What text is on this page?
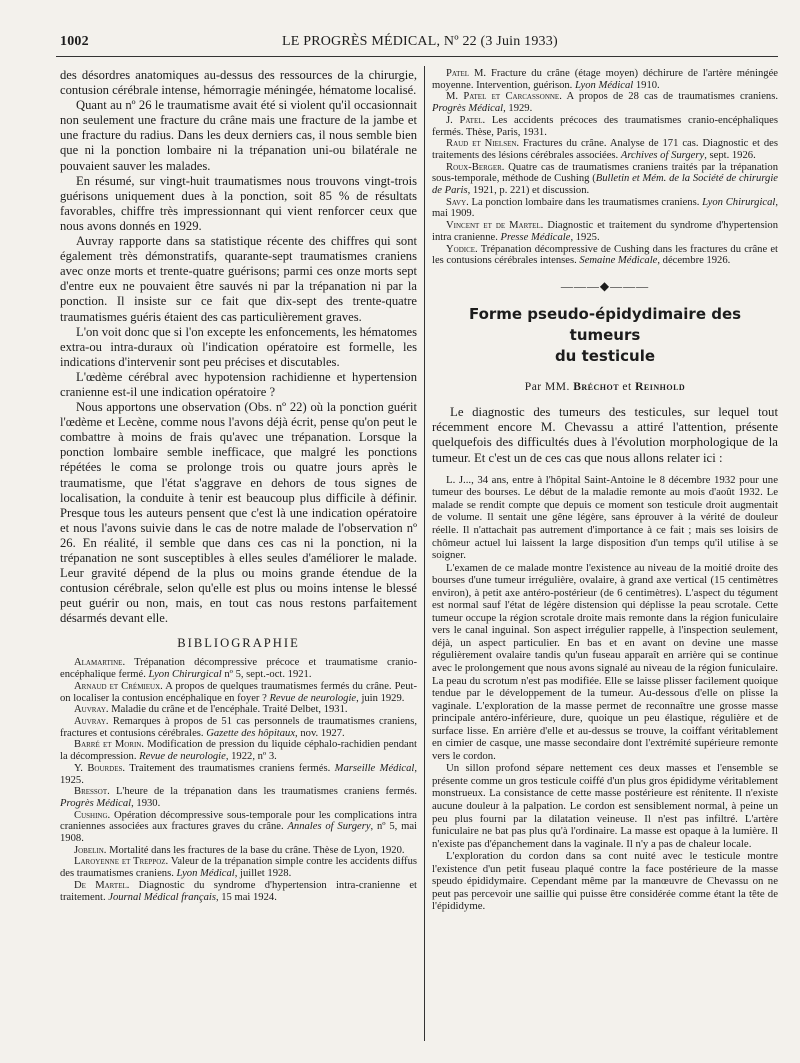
1002	LE PROGRÈS MÉDICAL, Nº 22 (3 Juin 1933)

des désordres anatomiques au-dessus des ressources de la chirurgie, contusion cérébrale intense, hémorragie méningée, hématome localisé.

Quant au nº 26 le traumatisme avait été si violent qu'il occasionnait non seulement une fracture du crâne mais une fracture de la jambe et une fracture du radius. Dans les deux derniers cas, il nous semble bien que ni la ponction lombaire ni la trépanation uni-ou bilatérale ne pouvaient sauver les malades.

En résumé, sur vingt-huit traumatismes nous trouvons vingt-trois guérisons uniquement dues à la ponction, soit 85 % de résultats favorables, chiffre très impressionnant qui vient renforcer ceux que nous avons donnés en 1929.

Auvray rapporte dans sa statistique récente des chiffres qui sont également très démonstratifs, quarante-sept traumatismes craniens avec onze morts et trente-quatre guérisons; parmi ces onze morts sept d'entre eux ne pouvaient être sauvés ni par la trépanation ni par la ponction. Il insiste sur ce fait que dix-sept des trente-quatre traumatismes guéris étaient des cas particulièrement graves.

L'on voit donc que si l'on excepte les enfoncements, les hématomes extra-ou intra-duraux où l'indication opératoire est formelle, les indications d'intervenir sont peu précises et discutables.

L'œdème cérébral avec hypotension rachidienne et hypertension cranienne est-il une indication opératoire ?

Nous apportons une observation (Obs. nº 22) où la ponction guérit l'œdème et Lecène, comme nous l'avons déjà écrit, pense qu'on peut le combattre à moins de frais qu'avec une trépanation. Lorsque la ponction lombaire semble inefficace, que malgré les ponctions répétées le coma se prolonge trois ou quatre jours après le traumatisme, que l'état s'aggrave en dehors de tous signes de localisation, la conduite à tenir est beaucoup plus difficile à définir. Presque tous les auteurs pensent que c'est là une indication opératoire et nous l'avons suivie dans le cas de notre malade de l'observation nº 26. En réalité, il semble que dans ces cas ni la ponction, ni la trépanation ne sont susceptibles à elles seules d'améliorer le malade. Leur gravité dépend de la plus ou moins grande étendue de la contusion cérébrale, selon qu'elle est plus ou moins intense le blessé peut guérir ou non, mais, en tout cas nous restons parfaitement désarmés devant elle.

BIBLIOGRAPHIE

Alamartine. Trépanation décompressive précoce et traumatisme cranio-encéphalique fermé. Lyon Chirurgical nº 5, sept.-oct. 1921.

Arnaud et Crémieux. A propos de quelques traumatismes fermés du crâne. Peut-on localiser la contusion encéphalique en foyer ? Revue de neurologie, juin 1929.

Auvray. Maladie du crâne et de l'encéphale. Traité Delbet, 1931.

Auvray. Remarques à propos de 51 cas personnels de traumatismes craniens, fractures et contusions cérébrales. Gazette des hôpitaux, nov. 1927.

Barré et Morin. Modification de pression du liquide céphalo-rachidien pendant la décompression. Revue de neurologie, 1922, nº 3.

Y. Bourdes. Traitement des traumatismes craniens fermés. Marseille Médical, 1925.

Bressot. L'heure de la trépanation dans les traumatismes craniens fermés. Progrès Médical, 1930.

Cushing. Opération décompressive sous-temporale pour les complications intra craniennes associées aux fractures graves du crâne. Annales of Surgery, nº 5, mai 1908.

Jobelin. Mortalité dans les fractures de la base du crâne. Thèse de Lyon, 1920.

Laroyenne et Treppoz. Valeur de la trépanation simple contre les accidents diffus des traumatismes craniens. Lyon Médical, juillet 1928.

De Martel. Diagnostic du syndrome d'hypertension intra-cranienne et traitement. Journal Médical français, 15 mai 1924.

Patel M. Fracture du crâne (étage moyen) déchirure de l'artère méningée moyenne. Intervention, guérison. Lyon Médical 1910.

M. Patel et Carcassonne. A propos de 28 cas de traumatismes craniens. Progrès Médical, 1929.

J. Patel. Les accidents précoces des traumatismes cranio-encéphaliques fermés. Thèse, Paris, 1931.

Raud et Nielsen. Fractures du crâne. Analyse de 171 cas. Diagnostic et des traitements des lésions cérébrales associées. Archives of Surgery, sept. 1926.

Roux-Berger. Quatre cas de traumatismes craniens traités par la trépanation sous-temporale, méthode de Cushing (Bulletin et Mém. de la Société de chirurgie de Paris, 1921, p. 221) et discussion.

Savy. La ponction lombaire dans les traumatismes craniens. Lyon Chirurgical, mai 1909.

Vincent et de Martel. Diagnostic et traitement du syndrome d'hypertension intra cranienne. Presse Médicale, 1925.

Yodice. Trépanation décompressive de Cushing dans les fractures du crâne et les contusions cérébrales intenses. Semaine Médicale, décembre 1926.

———◆———
Forme pseudo-épidydimaire des tumeurs
du testicule
Par MM. Bréchot et Reinhold

Le diagnostic des tumeurs des testicules, sur lequel tout récemment encore M. Chevassu a attiré l'attention, présente quelquefois des difficultés dues à l'évolution morphologique de la tumeur. Et c'est un de ces cas que nous allons relater ici :

L. J..., 34 ans, entre à l'hôpital Saint-Antoine le 8 décembre 1932 pour une tumeur des bourses. Le début de la maladie remonte au mois d'août 1932. Le malade se rendit compte que depuis ce moment son testicule droit augmentait de volume. Il sentait une gêne légère, sans éprouver à la vérité de douleur réelle. Il n'attachait pas autrement d'importance à ce fait ; mais ses loisirs de chômeur actuel lui laissent la large disposition d'un temps qu'il utilise à se soigner.

L'examen de ce malade montre l'existence au niveau de la moitié droite des bourses d'une tumeur irrégulière, ovalaire, à grand axe vertical (15 centimètres environ), à petit axe antéro-postérieur (de 6 centimètres). L'aspect du tégument est normal sauf l'état de légère distension qui déplisse la peau scrotale. Cette tumeur occupe la région scrotale droite mais remonte dans la région funiculaire vers le canal inguinal. Son aspect irrégulier rappelle, à l'inspection seulement, déjà, un aspect particulier. En bas et en avant on devine une masse régulièrement ovalaire tandis qu'un fuseau apparaît en arrière qui se continue avec le prolongement que nous avons signalé au niveau de la région funiculaire. La peau du scrotum n'est pas modifiée. Elle se laisse plisser facilement quoique tendue par le développement de la tumeur. Au-dessous d'elle on plisse la vaginale. L'exploration de la masse permet de reconnaître une grosse masse principale antéro-inférieure, dure, quoique un peu élastique, régulière et de surface lisse. En arrière d'elle et au-dessus se trouve, la coiffant véritablement en cimier de casque, une masse secondaire dont l'extrémité supérieure remonte vers le cordon.

Un sillon profond sépare nettement ces deux masses et l'ensemble se présente comme un gros testicule coiffé d'un plus gros épididyme véritablement monstrueux. La consistance de cette masse postérieure est rénitente. Il n'existe aucune douleur à la palpation. Le cordon est sensiblement normal, à peine un peu plus fourni par la dilatation veineuse. Il n'est pas infiltré. L'artère funiculaire ne bat pas plus qu'à l'ordinaire. La masse est opaque à la lumière. Il n'existe pas d'épanchement dans la vaginale. Il n'y a pas de chaleur locale.

L'exploration du cordon dans sa cont nuité avec le testicule montre l'existence d'un petit fuseau plaqué contre la face postérieure de la masse speudo épididymaire. Cependant même par la manœuvre de Chevassu on ne peut pas percevoir une saillie qui puisse être considérée comme étant la tête de l'épididyme.
